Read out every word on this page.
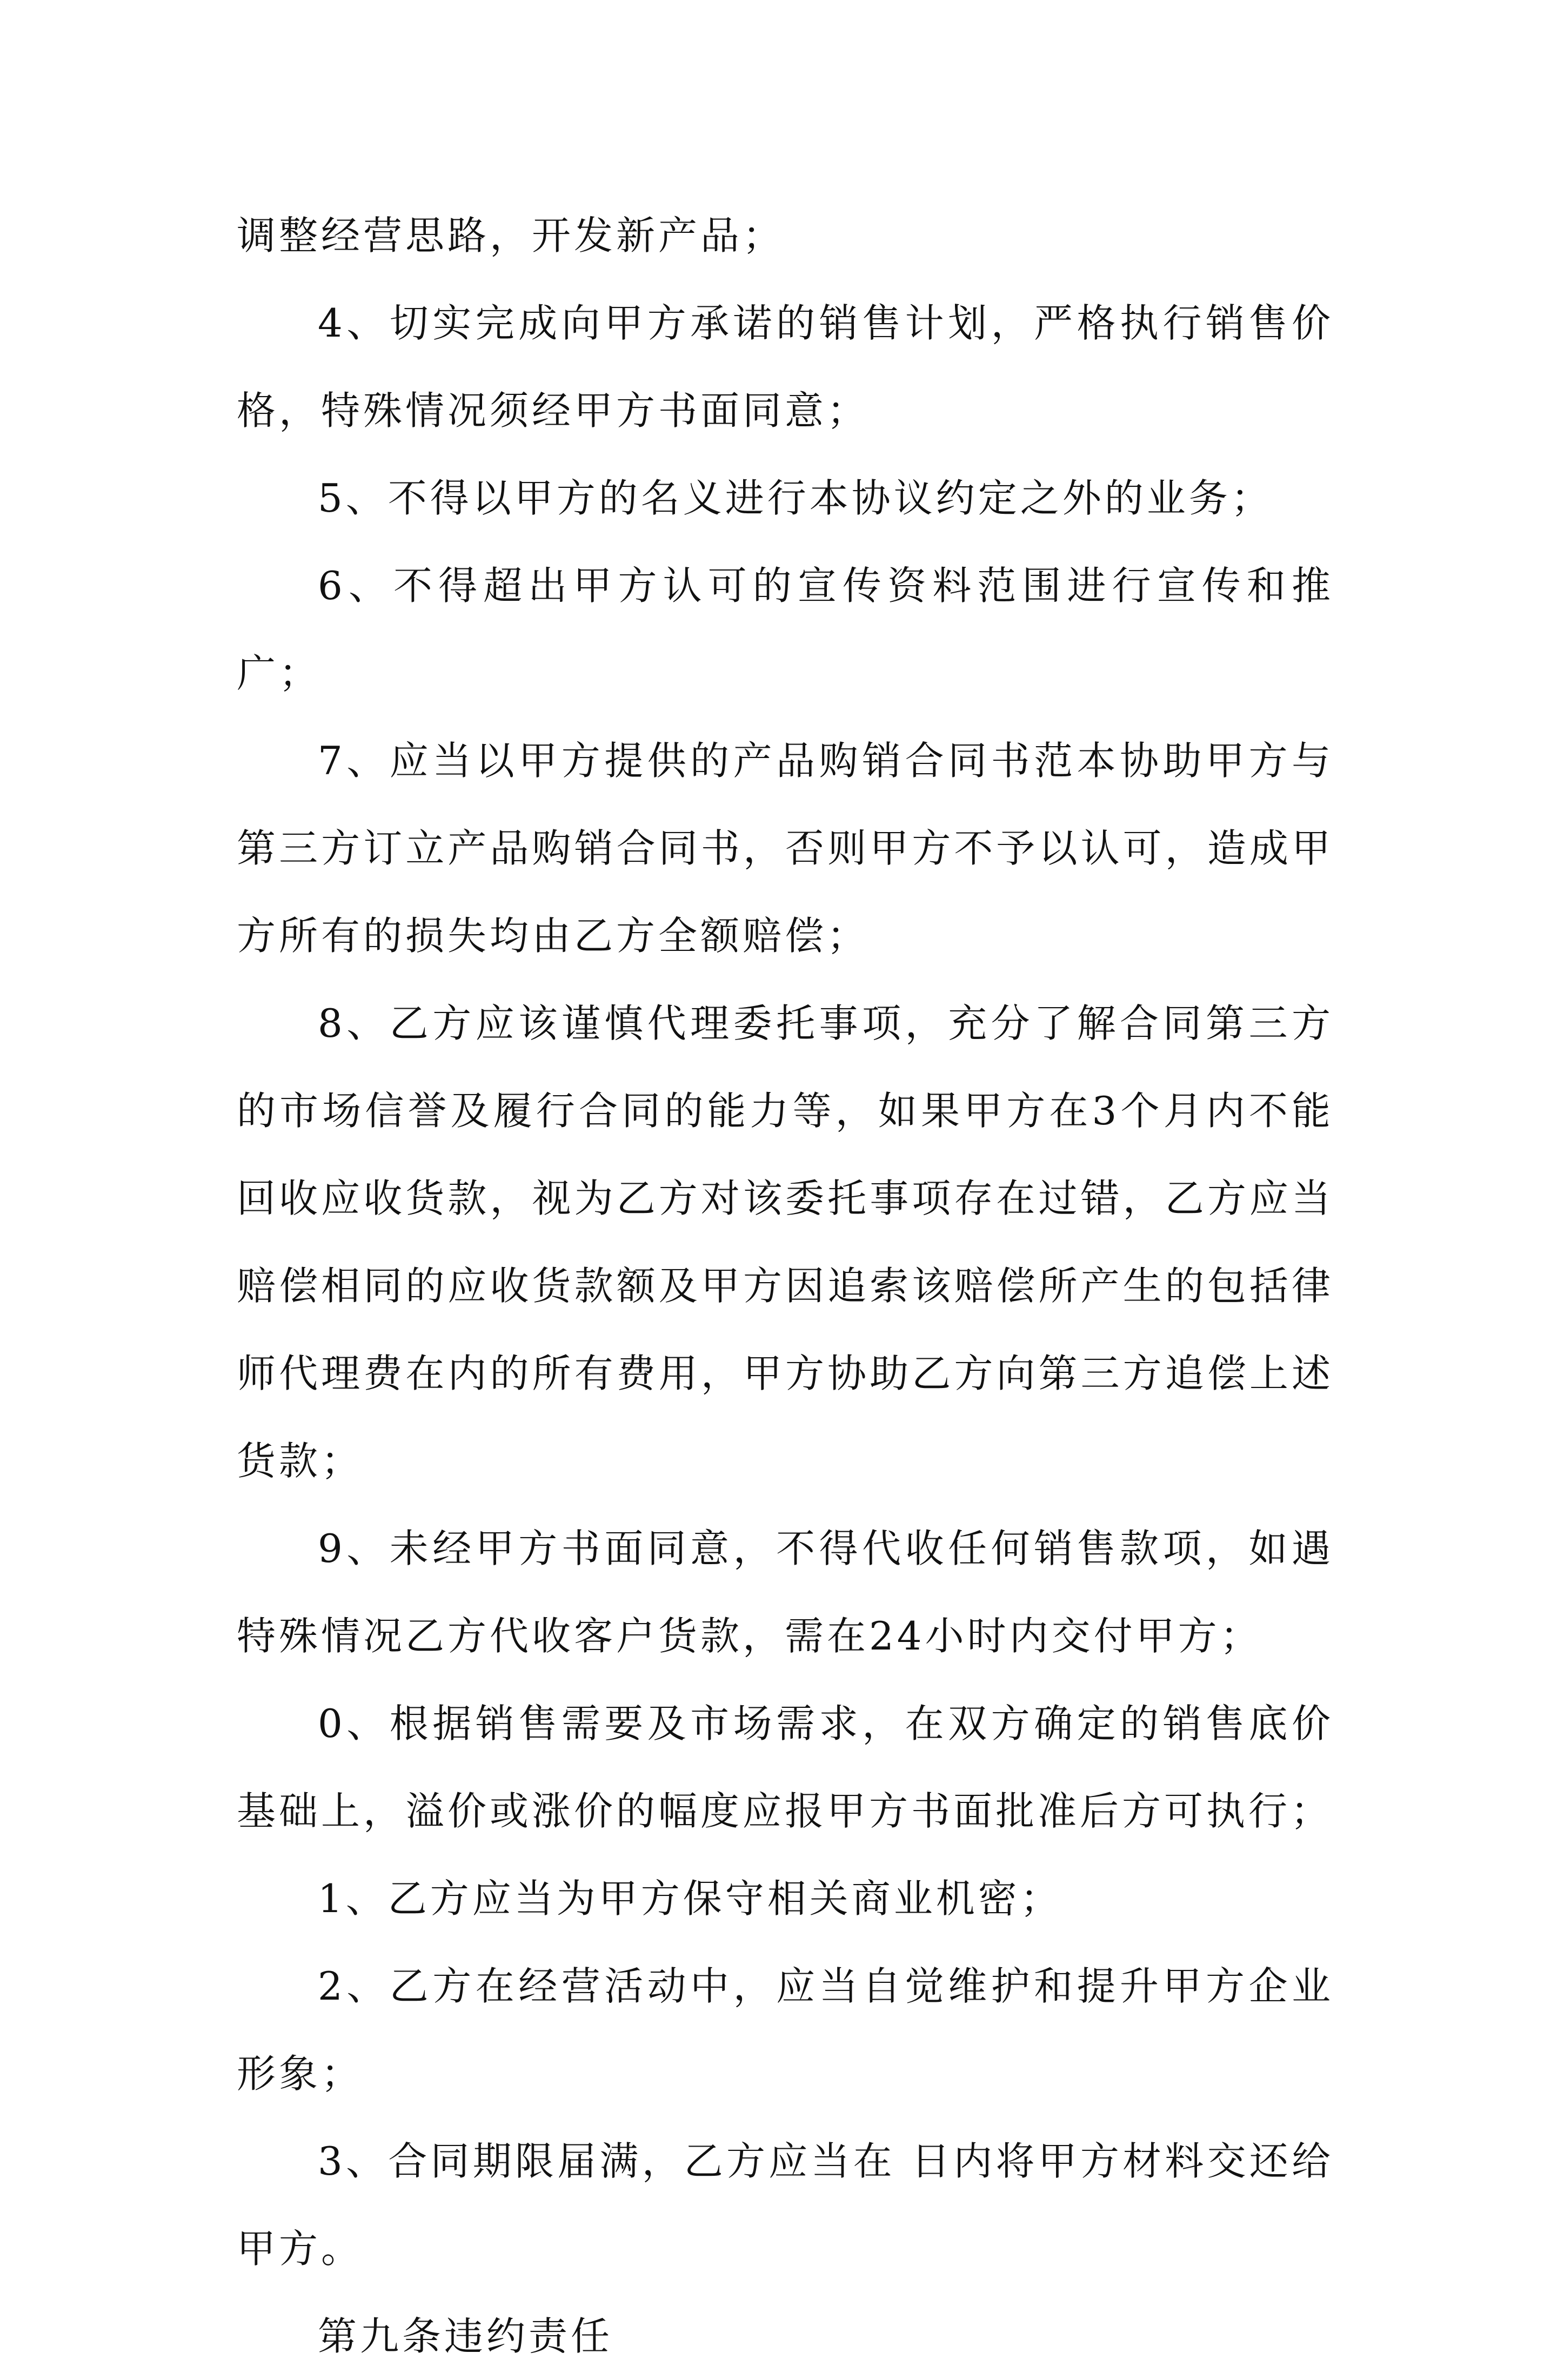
调整经营思路，开发新产品；

4、切实完成向甲方承诺的销售计划，严格执行销售价格，特殊情况须经甲方书面同意；

5、不得以甲方的名义进行本协议约定之外的业务；

6、不得超出甲方认可的宣传资料范围进行宣传和推广；

7、应当以甲方提供的产品购销合同书范本协助甲方与第三方订立产品购销合同书，否则甲方不予以认可，造成甲方所有的损失均由乙方全额赔偿；

8、乙方应该谨慎代理委托事项，充分了解合同第三方的市场信誉及履行合同的能力等，如果甲方在3个月内不能回收应收货款，视为乙方对该委托事项存在过错，乙方应当赔偿相同的应收货款额及甲方因追索该赔偿所产生的包括律师代理费在内的所有费用，甲方协助乙方向第三方追偿上述货款；

9、未经甲方书面同意，不得代收任何销售款项，如遇特殊情况乙方代收客户货款，需在24小时内交付甲方；

0、根据销售需要及市场需求，在双方确定的销售底价基础上，溢价或涨价的幅度应报甲方书面批准后方可执行；

1、乙方应当为甲方保守相关商业机密；

2、乙方在经营活动中，应当自觉维护和提升甲方企业形象；

3、合同期限届满，乙方应当在 日内将甲方材料交还给甲方。

第九条违约责任
